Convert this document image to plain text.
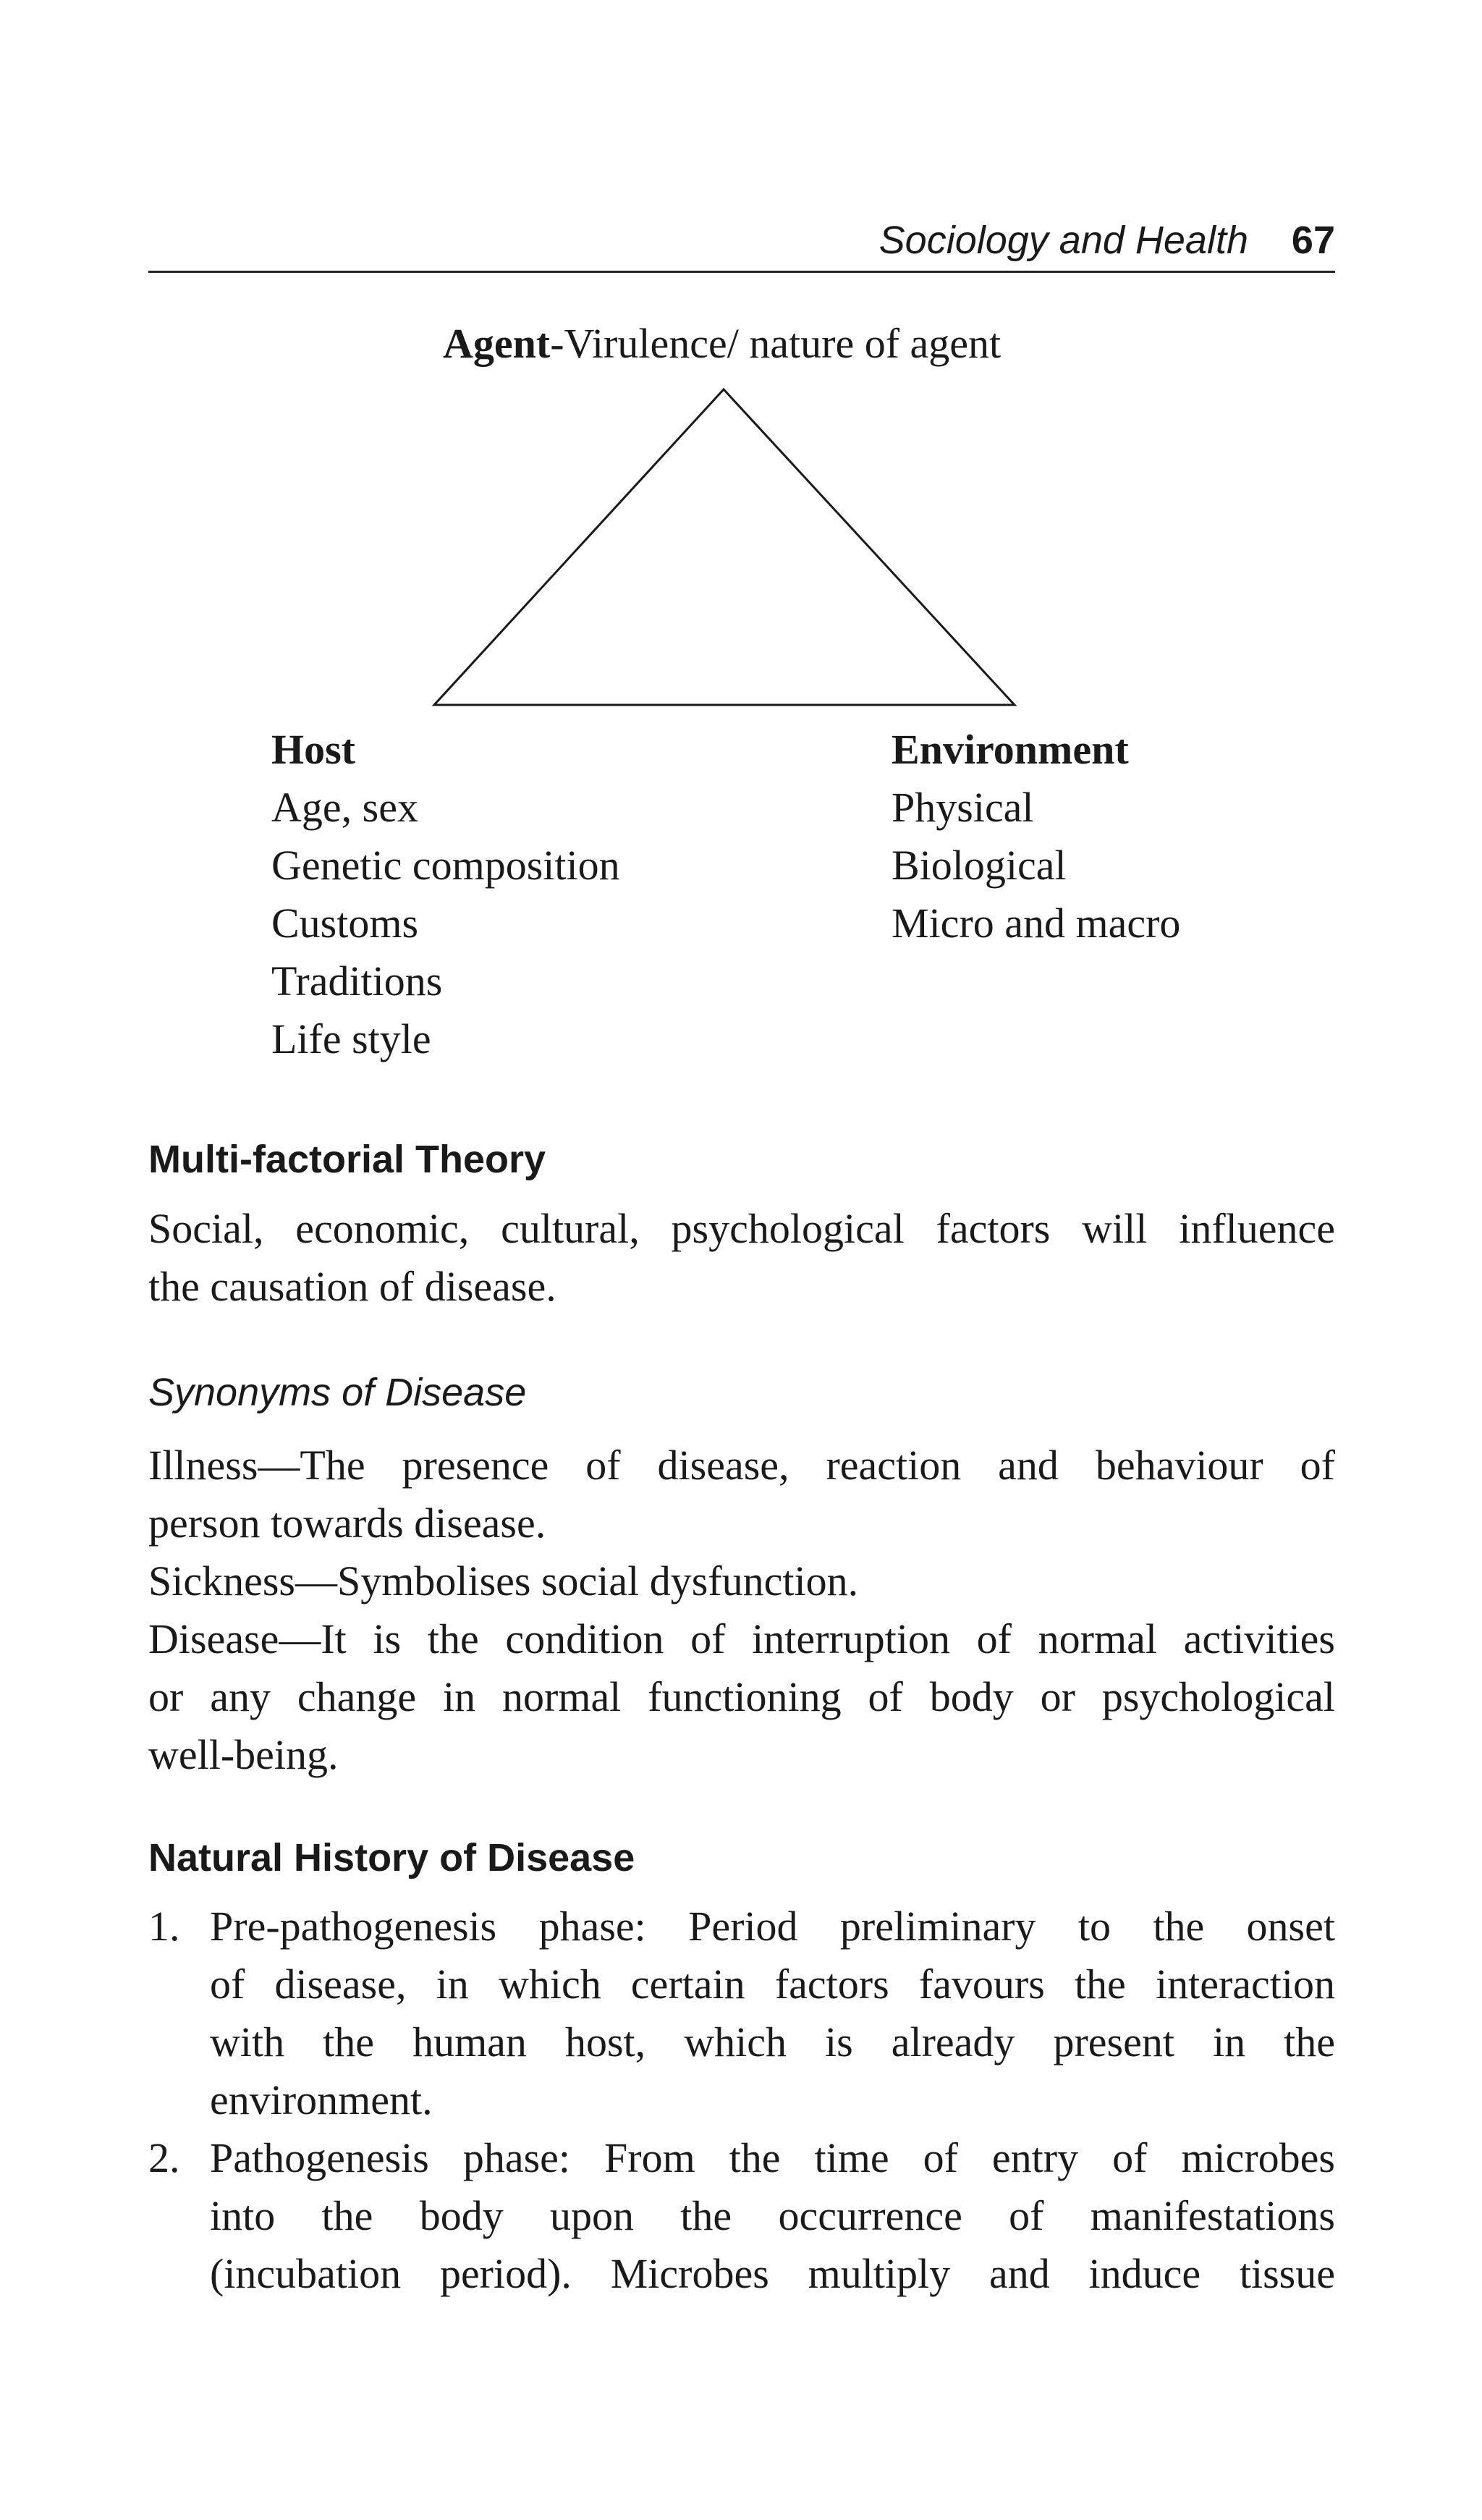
Sociology and Health 67
Agent-Virulence/ nature of agent
Host
Age, sex
Genetic composition
Customs
Traditions
Life style
Environment
Physical
Biological
Micro and macro
Multi-factorial Theory
Social, economic, cultural, psychological factors will influence
the causation of disease.
Synonyms of Disease
Illness—The presence of disease, reaction and behaviour of
person towards disease.
Sickness—Symbolises social dysfunction.
Disease—It is the condition of interruption of normal activities
or any change in normal functioning of body or psychological
well-being.
Natural History of Disease
1. Pre-pathogenesis phase: Period preliminary to the onset
of disease, in which certain factors favours the interaction
with the human host, which is already present in the
environment.
2. Pathogenesis phase: From the time of entry of microbes
into the body upon the occurrence of manifestations
(incubation period). Microbes multiply and induce tissue
